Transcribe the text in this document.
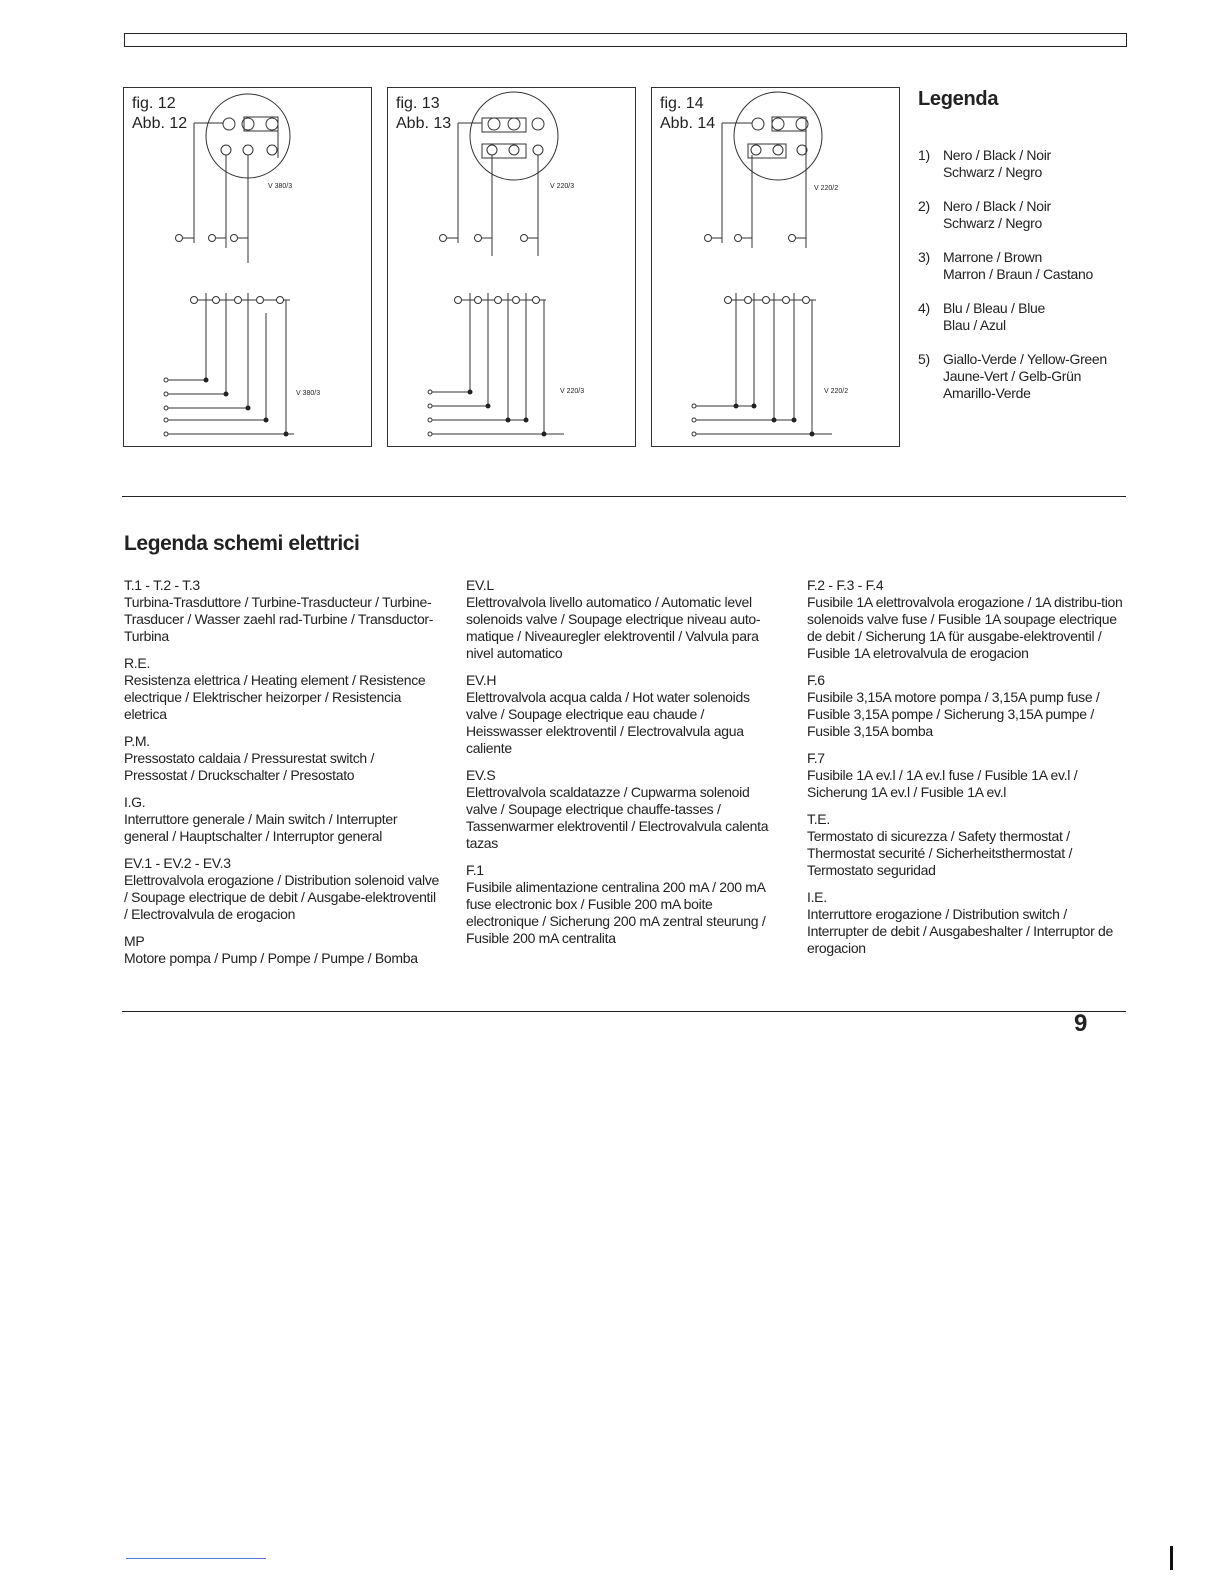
fig. 12
Abb. 12
V 380/3
V 380/3
fig. 13
Abb. 13
V 220/3
V 220/3
fig. 14
Abb. 14
V 220/2
V 220/2
Legenda
1) Nero / Black / Noir
Schwarz / Negro
2) Nero / Black / Noir
Schwarz / Negro
3) Marrone / Brown
Marron / Braun / Castano
4) Blu / Bleau / Blue
Blau / Azul
5) Giallo-Verde / Yellow-Green
Jaune-Vert / Gelb-Grün
Amarillo-Verde
Legenda schemi elettrici
T.1 - T.2 - T.3
Turbina-Trasduttore / Turbine-Trasducteur / Turbine-Trasducer / Wasser zaehl rad-Turbine / Transductor-Turbina
R.E.
Resistenza elettrica / Heating element / Resistence electrique / Elektrischer heizorper / Resistencia eletrica
P.M.
Pressostato caldaia / Pressurestat switch / Pressostat / Druckschalter / Presostato
I.G.
Interruttore generale / Main switch / Interrupter general / Hauptschalter / Interruptor general
EV.1 - EV.2 - EV.3
Elettrovalvola erogazione / Distribution solenoid valve / Soupage electrique de debit / Ausgabe-elektroventil / Electrovalvula de erogacion
MP
Motore pompa / Pump / Pompe / Pumpe / Bomba
EV.L
Elettrovalvola livello automatico / Automatic level solenoids valve / Soupage electrique niveau auto-matique / Niveauregler elektroventil / Valvula para nivel automatico
EV.H
Elettrovalvola acqua calda / Hot water solenoids valve / Soupage electrique eau chaude / Heisswasser elektroventil / Electrovalvula agua caliente
EV.S
Elettrovalvola scaldatazze / Cupwarma solenoid valve / Soupage electrique chauffe-tasses / Tassenwarmer elektroventil / Electrovalvula calenta tazas
F.1
Fusibile alimentazione centralina 200 mA / 200 mA fuse electronic box / Fusible 200 mA boite electronique / Sicherung 200 mA zentral steurung / Fusible 200 mA centralita
F.2 - F.3 - F.4
Fusibile 1A elettrovalvola erogazione / 1A distribu-tion solenoids valve fuse / Fusible 1A soupage electrique de debit / Sicherung 1A für ausgabe-elektroventil / Fusible 1A eletrovalvula de erogacion
F.6
Fusibile 3,15A motore pompa / 3,15A pump fuse / Fusible 3,15A pompe / Sicherung 3,15A pumpe / Fusible 3,15A bomba
F.7
Fusibile 1A ev.l / 1A ev.l fuse / Fusible 1A ev.l / Sicherung 1A ev.l / Fusible 1A ev.l
T.E.
Termostato di sicurezza / Safety thermostat / Thermostat securité / Sicherheitsthermostat / Termostato seguridad
I.E.
Interruttore erogazione / Distribution switch / Interrupter de debit / Ausgabeshalter / Interruptor de erogacion
9
